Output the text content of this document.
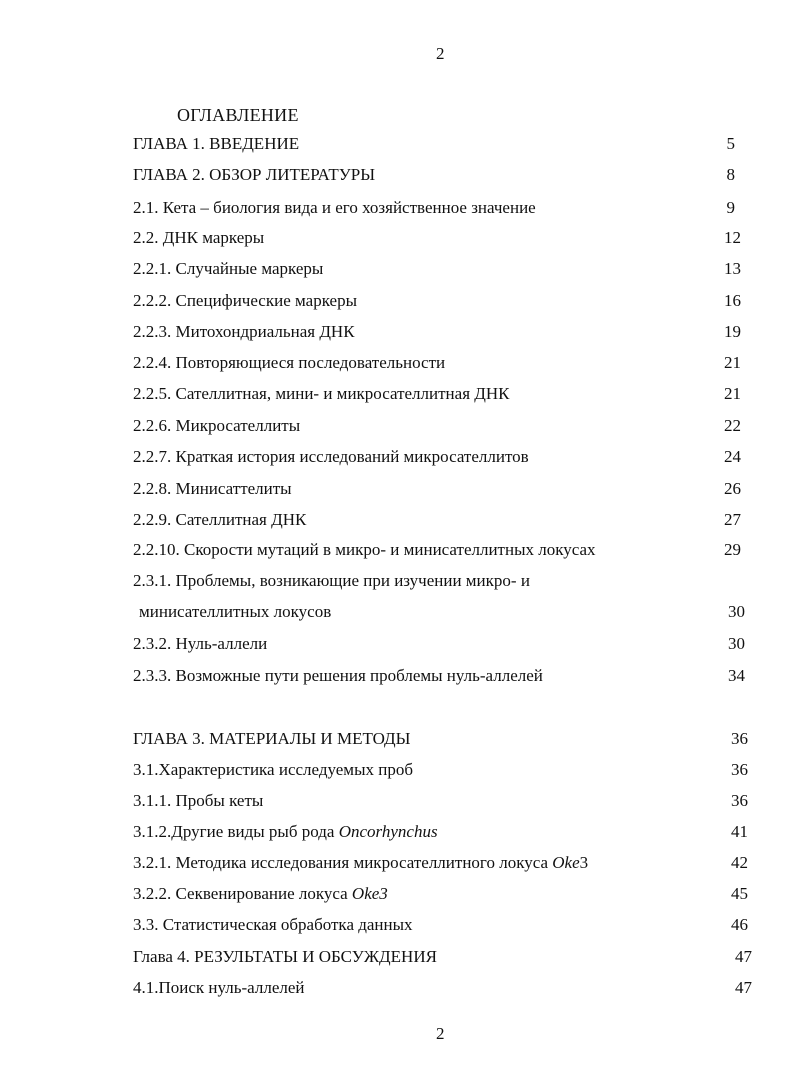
2
ОГЛАВЛЕНИЕ
ГЛАВА 1. ВВЕДЕНИЕ	5
ГЛАВА 2. ОБЗОР ЛИТЕРАТУРЫ	8
2.1. Кета – биология вида и его хозяйственное значение	9
2.2. ДНК маркеры	12
2.2.1. Случайные маркеры	13
2.2.2. Специфические маркеры	16
2.2.3. Митохондриальная ДНК	19
2.2.4. Повторяющиеся последовательности	21
2.2.5. Сателлитная, мини- и микросателлитная ДНК	21
2.2.6. Микросателлиты	22
2.2.7. Краткая история исследований микросателлитов	24
2.2.8. Минисаттелиты	26
2.2.9. Сателлитная ДНК	27
2.2.10. Скорости мутаций в микро- и минисателлитных локусах	29
2.3.1. Проблемы, возникающие при изучении микро- и
минисателлитных локусов	30
2.3.2. Нуль-аллели	30
2.3.3. Возможные пути решения проблемы нуль-аллелей	34
ГЛАВА 3. МАТЕРИАЛЫ И МЕТОДЫ	36
3.1.Характеристика исследуемых проб	36
3.1.1. Пробы кеты	36
3.1.2.Другие виды рыб рода Oncorhynchus	41
3.2.1. Методика исследования микросателлитного локуса Oke3	42
3.2.2. Секвенирование локуса Oke3	45
3.3. Статистическая обработка данных	46
Глава 4. РЕЗУЛЬТАТЫ И ОБСУЖДЕНИЯ	47
4.1.Поиск нуль-аллелей	47
2
